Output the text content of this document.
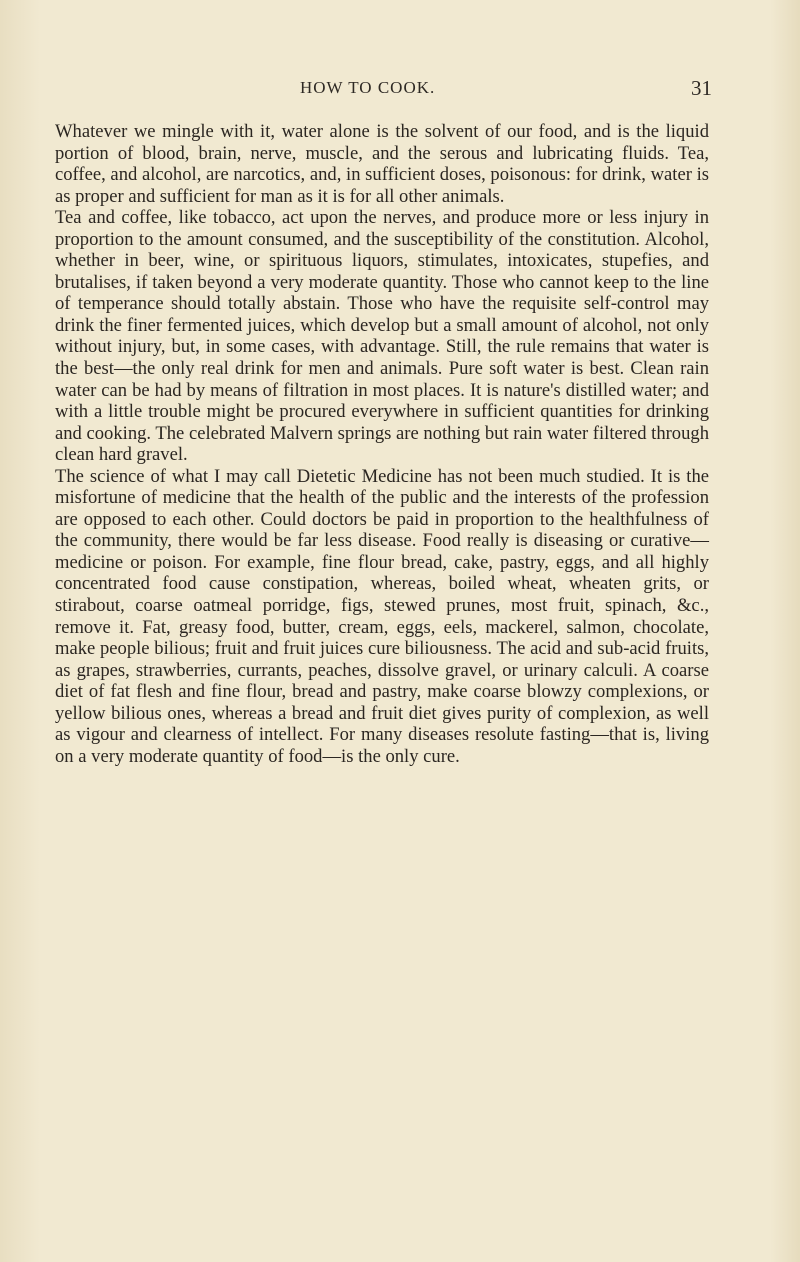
HOW TO COOK.	31

Whatever we mingle with it, water alone is the solvent of our food, and is the liquid portion of blood, brain, nerve, muscle, and the serous and lubricating fluids. Tea, coffee, and alcohol, are narcotics, and, in sufficient doses, poisonous: for drink, water is as proper and sufficient for man as it is for all other animals.

Tea and coffee, like tobacco, act upon the nerves, and produce more or less injury in proportion to the amount consumed, and the susceptibility of the constitution. Alcohol, whether in beer, wine, or spirituous liquors, stimulates, intoxicates, stupefies, and brutalises, if taken beyond a very moderate quantity. Those who cannot keep to the line of temperance should totally abstain. Those who have the requisite self-control may drink the finer fermented juices, which develop but a small amount of alcohol, not only without injury, but, in some cases, with advantage. Still, the rule remains that water is the best—the only real drink for men and animals. Pure soft water is best. Clean rain water can be had by means of filtration in most places. It is nature's distilled water; and with a little trouble might be procured everywhere in sufficient quantities for drinking and cooking. The celebrated Malvern springs are nothing but rain water filtered through clean hard gravel.

The science of what I may call Dietetic Medicine has not been much studied. It is the misfortune of medicine that the health of the public and the interests of the profession are opposed to each other. Could doctors be paid in proportion to the healthfulness of the community, there would be far less disease. Food really is diseasing or curative—medicine or poison. For example, fine flour bread, cake, pastry, eggs, and all highly concentrated food cause constipation, whereas, boiled wheat, wheaten grits, or stirabout, coarse oatmeal porridge, figs, stewed prunes, most fruit, spinach, &c., remove it. Fat, greasy food, butter, cream, eggs, eels, mackerel, salmon, chocolate, make people bilious; fruit and fruit juices cure biliousness. The acid and sub-acid fruits, as grapes, strawberries, currants, peaches, dissolve gravel, or urinary calculi. A coarse diet of fat flesh and fine flour, bread and pastry, make coarse blowzy complexions, or yellow bilious ones, whereas a bread and fruit diet gives purity of complexion, as well as vigour and clearness of intellect. For many diseases resolute fasting—that is, living on a very moderate quantity of food—is the only cure.
